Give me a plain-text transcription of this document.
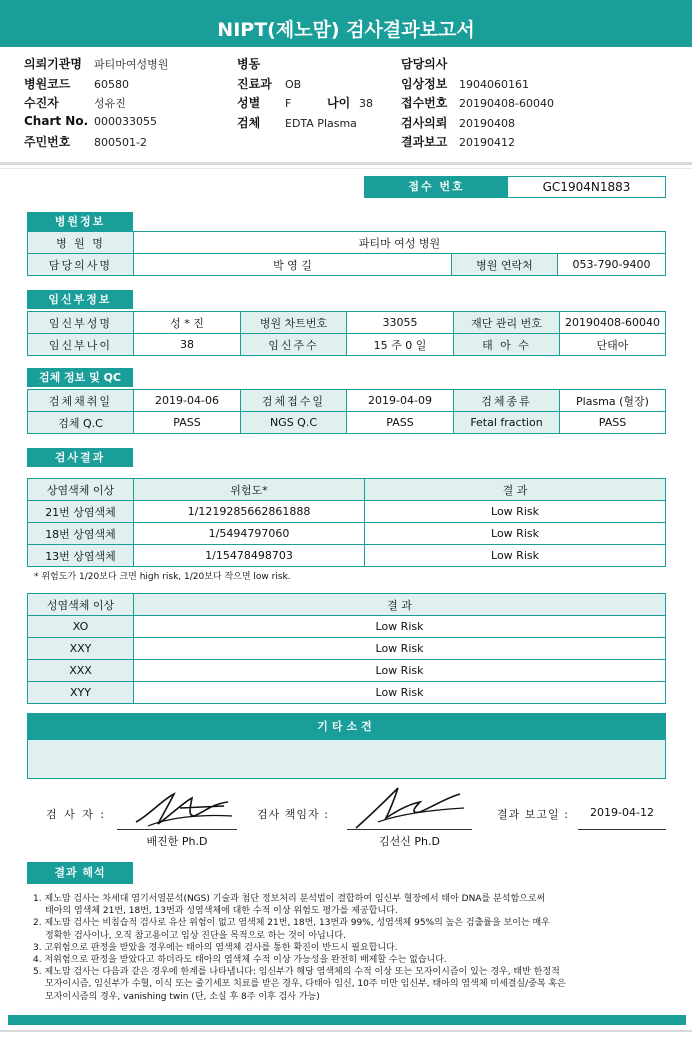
NIPT(제노맘) 검사결과보고서
의뢰기관명 파티마여성병원
병원코드 60580
수진자	성유진
Chart No. 000033055
주민번호 800501-2
병동
진료과 OB
성별 F	나이 38
검체 EDTA Plasma
담당의사
임상정보 1904060161
접수번호 20190408-60040
검사의뢰 20190408
결과보고 20190412
접수 번호	GC1904N1883
병원정보
병 원 명	파티마 여성 병원		
담당의사명	박 영 길	병원 연락처	053-790-9400
임신부정보
임신부성명	성 * 진	병원 차트번호	33055	재단 관리 번호	20190408-60040
임신부나이	38	임신주수	15 주 0 일	태 아 수	단태아
검체 정보 및 QC
검체채취일	2019-04-06	검체접수일	2019-04-09	검체종류	Plasma (혈장)
검체 Q.C	PASS	NGS Q.C	PASS	Fetal fraction	PASS
검사결과
상염색체 이상	위험도*	결 과
21번 상염색체	1/1219285662861888	Low Risk
18번 상염색체	1/5494797060	Low Risk
13번 상염색체	1/15478498703	Low Risk
* 위험도가 1/20보다 크면 high risk, 1/20보다 작으면 low risk.
성염색체 이상	결 과
XO	Low Risk
XXY	Low Risk
XXX	Low Risk
XYY	Low Risk
기타소견
검 사 자 :
배진한 Ph.D
검사 책임자 :
김선신 Ph.D
결과 보고일 :	2019-04-12
결과 해석
1. 제노맘 검사는 차세대 염기서열분석(NGS) 기술과 첨단 정보처리 분석법이 결합하여 임신부 혈장에서 태아 DNA를 분석함으로써
태아의 염색체 21번, 18번, 13번과 성염색체에 대한 수적 이상 위험도 평가를 제공합니다.
2. 제노맘 검사는 비침습적 검사로 유산 위험이 없고 염색체 21번, 18번, 13번과 99%, 성염색체 95%의 높은 검출률을 보이는 매우
정확한 검사이나, 오직 참고용이고 임상 진단을 목적으로 하는 것이 아닙니다.
3. 고위험으로 판정을 받았을 경우에는 태아의 염색체 검사를 통한 확진이 반드시 필요합니다.
4. 저위험으로 판정을 받았다고 하더라도 태아의 염색체 수적 이상 가능성을 완전히 배제할 수는 없습니다.
5. 제노맘 검사는 다음과 같은 경우에 한계를 나타냅니다: 임신부가 해당 염색체의 수적 이상 또는 모자이시즘이 있는 경우, 태반 한정적
모자이시즘, 임신부가 수혈, 이식 또는 줄기세포 치료를 받은 경우, 다태아 임신, 10주 미만 임신부, 태아의 염색체 미세결실/중복 혹은
모자이시즘의 경우, vanishing twin (단, 소실 후 8주 이후 검사 가능)
